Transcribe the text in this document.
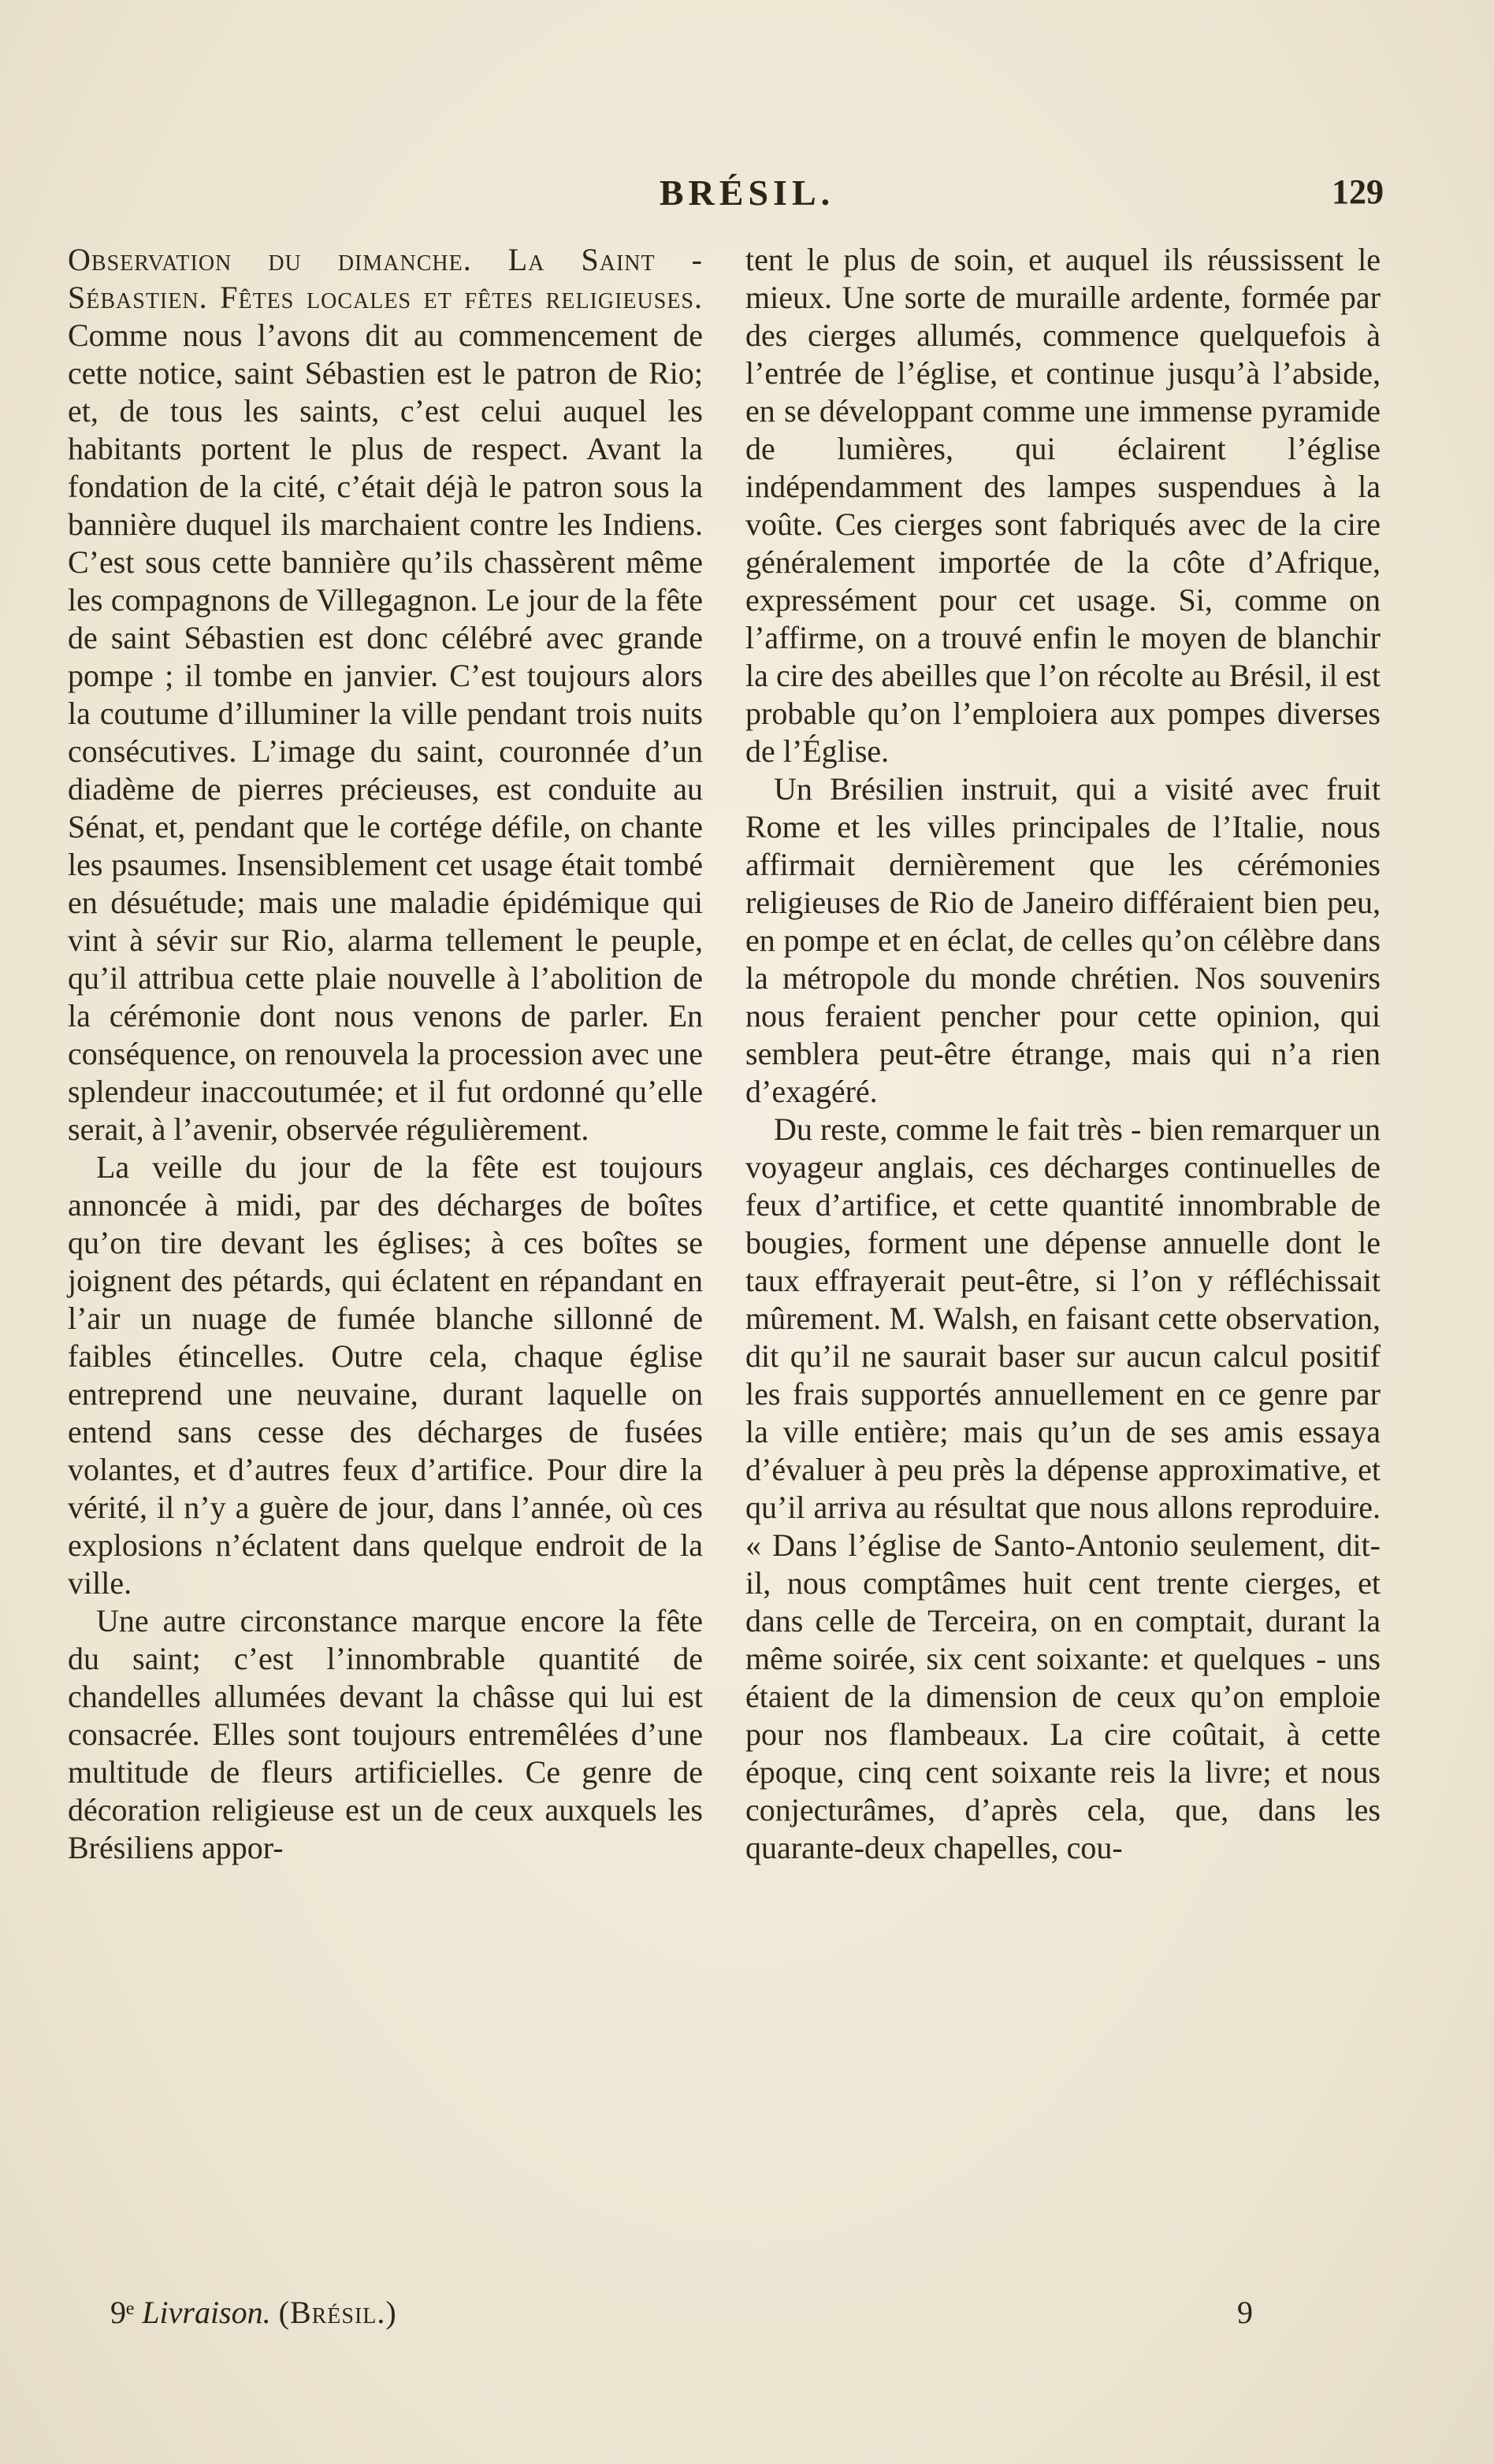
BRÉSIL.	129

Observation du dimanche. La Saint - Sébastien. Fêtes locales et fêtes religieuses. Comme nous l’avons dit au commencement de cette notice, saint Sébastien est le patron de Rio; et, de tous les saints, c’est celui auquel les habitants portent le plus de respect. Avant la fondation de la cité, c’était déjà le patron sous la bannière duquel ils marchaient contre les Indiens. C’est sous cette bannière qu’ils chassèrent même les compagnons de Villegagnon. Le jour de la fête de saint Sébastien est donc célébré avec grande pompe ; il tombe en janvier. C’est toujours alors la coutume d’illuminer la ville pendant trois nuits consécutives. L’image du saint, couronnée d’un diadème de pierres précieuses, est conduite au Sénat, et, pendant que le cortége défile, on chante les psaumes. Insensiblement cet usage était tombé en désuétude; mais une maladie épidémique qui vint à sévir sur Rio, alarma tellement le peuple, qu’il attribua cette plaie nouvelle à l’abolition de la cérémonie dont nous venons de parler. En conséquence, on renouvela la procession avec une splendeur inaccoutumée; et il fut ordonné qu’elle serait, à l’avenir, observée régulièrement.

La veille du jour de la fête est toujours annoncée à midi, par des décharges de boîtes qu’on tire devant les églises; à ces boîtes se joignent des pétards, qui éclatent en répandant en l’air un nuage de fumée blanche sillonné de faibles étincelles. Outre cela, chaque église entreprend une neuvaine, durant laquelle on entend sans cesse des décharges de fusées volantes, et d’autres feux d’artifice. Pour dire la vérité, il n’y a guère de jour, dans l’année, où ces explosions n’éclatent dans quelque endroit de la ville.

Une autre circonstance marque encore la fête du saint; c’est l’innombrable quantité de chandelles allumées devant la châsse qui lui est consacrée. Elles sont toujours entremêlées d’une multitude de fleurs artificielles. Ce genre de décoration religieuse est un de ceux auxquels les Brésiliens appor-

tent le plus de soin, et auquel ils réussissent le mieux. Une sorte de muraille ardente, formée par des cierges allumés, commence quelquefois à l’entrée de l’église, et continue jusqu’à l’abside, en se développant comme une immense pyramide de lumières, qui éclairent l’église indépendamment des lampes suspendues à la voûte. Ces cierges sont fabriqués avec de la cire généralement importée de la côte d’Afrique, expressément pour cet usage. Si, comme on l’affirme, on a trouvé enfin le moyen de blanchir la cire des abeilles que l’on récolte au Brésil, il est probable qu’on l’emploiera aux pompes diverses de l’Église.

Un Brésilien instruit, qui a visité avec fruit Rome et les villes principales de l’Italie, nous affirmait dernièrement que les cérémonies religieuses de Rio de Janeiro différaient bien peu, en pompe et en éclat, de celles qu’on célèbre dans la métropole du monde chrétien. Nos souvenirs nous feraient pencher pour cette opinion, qui semblera peut-être étrange, mais qui n’a rien d’exagéré.

Du reste, comme le fait très - bien remarquer un voyageur anglais, ces décharges continuelles de feux d’artifice, et cette quantité innombrable de bougies, forment une dépense annuelle dont le taux effrayerait peut-être, si l’on y réfléchissait mûrement. M. Walsh, en faisant cette observation, dit qu’il ne saurait baser sur aucun calcul positif les frais supportés annuellement en ce genre par la ville entière; mais qu’un de ses amis essaya d’évaluer à peu près la dépense approximative, et qu’il arriva au résultat que nous allons reproduire. « Dans l’église de Santo-Antonio seulement, dit-il, nous comptâmes huit cent trente cierges, et dans celle de Terceira, on en comptait, durant la même soirée, six cent soixante: et quelques - uns étaient de la dimension de ceux qu’on emploie pour nos flambeaux. La cire coûtait, à cette époque, cinq cent soixante reis la livre; et nous conjecturâmes, d’après cela, que, dans les quarante-deux chapelles, cou-

9ᵉ Livraison. (Brésil.)	9
